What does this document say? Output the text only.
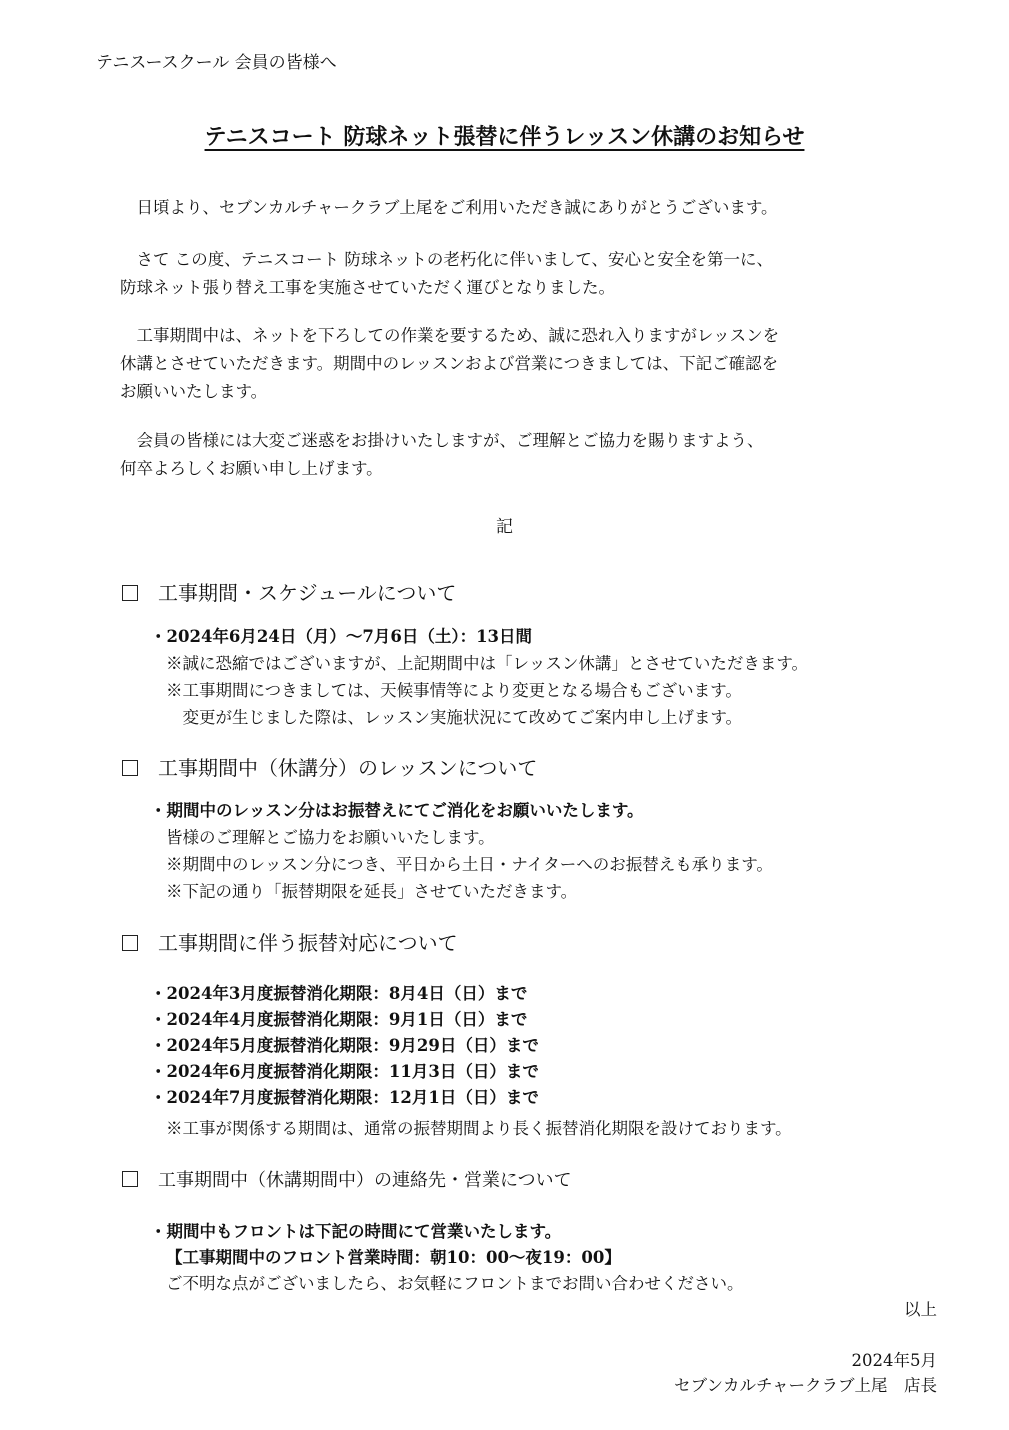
テニスースクール 会員の皆様へ
テニスコート 防球ネット張替に伴うレッスン休講のお知らせ
　日頃より、セブンカルチャークラブ上尾をご利用いただき誠にありがとうございます。
　さて この度、テニスコート 防球ネットの老朽化に伴いまして、安心と安全を第一に、
防球ネット張り替え工事を実施させていただく運びとなりました。
　工事期間中は、ネットを下ろしての作業を要するため、誠に恐れ入りますがレッスンを
休講とさせていただきます。期間中のレッスンおよび営業につきましては、下記ご確認を
お願いいたします。
　会員の皆様には大変ご迷惑をお掛けいたしますが、ご理解とご協力を賜りますよう、
何卒よろしくお願い申し上げます。
記
工事期間・スケジュールについて
・2024年6月24日（月）〜7月6日（土）：13日間
※誠に恐縮ではございますが、上記期間中は「レッスン休講」とさせていただきます。
※工事期間につきましては、天候事情等により変更となる場合もございます。
　変更が生じました際は、レッスン実施状況にて改めてご案内申し上げます。
工事期間中（休講分）のレッスンについて
・期間中のレッスン分はお振替えにてご消化をお願いいたします。
皆様のご理解とご協力をお願いいたします。
※期間中のレッスン分につき、平日から土日・ナイターへのお振替えも承ります。
※下記の通り「振替期限を延長」させていただきます。
工事期間に伴う振替対応について
・2024年3月度振替消化期限：8月4日（日）まで
・2024年4月度振替消化期限：9月1日（日）まで
・2024年5月度振替消化期限：9月29日（日）まで
・2024年6月度振替消化期限：11月3日（日）まで
・2024年7月度振替消化期限：12月1日（日）まで
※工事が関係する期間は、通常の振替期間より長く振替消化期限を設けております。
工事期間中（休講期間中）の連絡先・営業について
・期間中もフロントは下記の時間にて営業いたします。
【工事期間中のフロント営業時間：朝10：00〜夜19：00】
ご不明な点がございましたら、お気軽にフロントまでお問い合わせください。
以上
2024年5月
セブンカルチャークラブ上尾　店長
